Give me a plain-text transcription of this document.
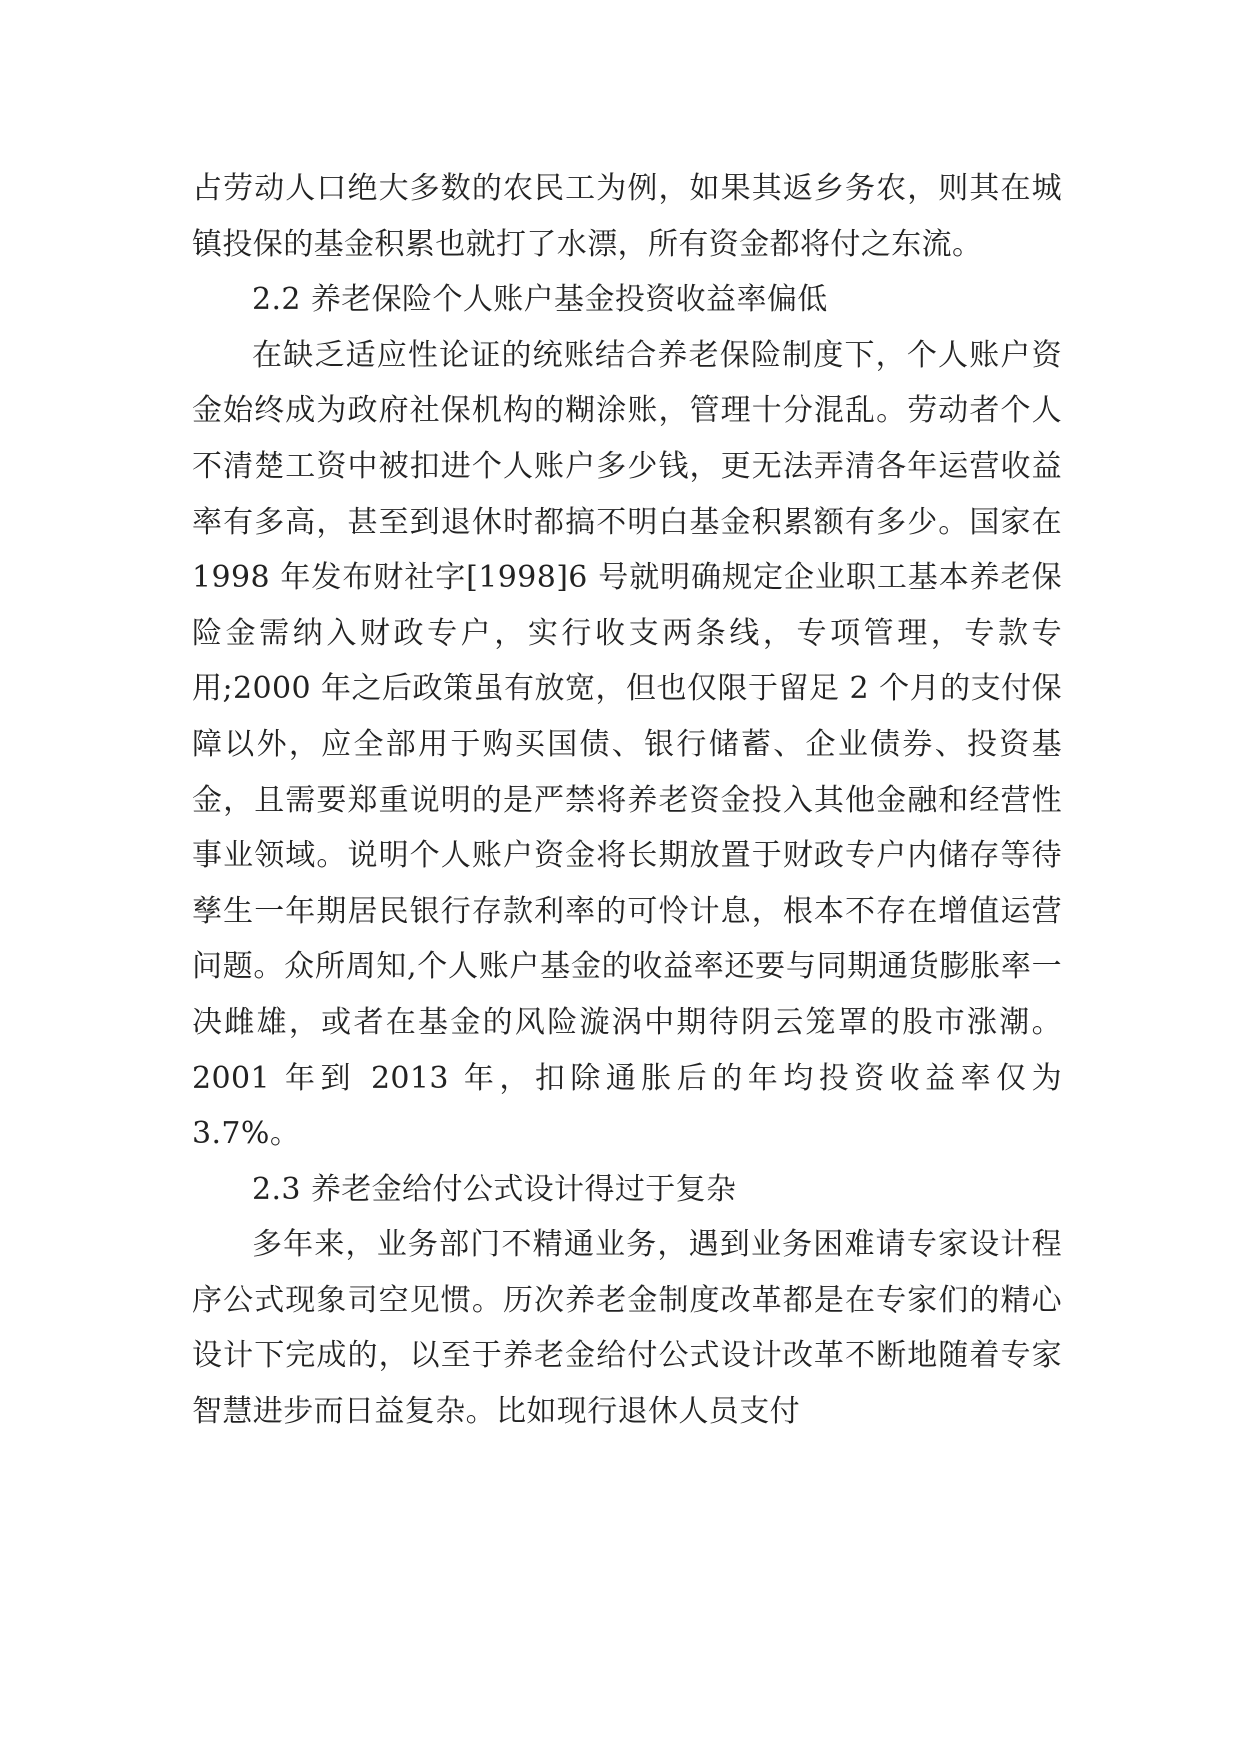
占劳动人口绝大多数的农民工为例，如果其返乡务农，则其在城镇投保的基金积累也就打了水漂，所有资金都将付之东流。

2.2 养老保险个人账户基金投资收益率偏低

在缺乏适应性论证的统账结合养老保险制度下，个人账户资金始终成为政府社保机构的糊涂账，管理十分混乱。劳动者个人不清楚工资中被扣进个人账户多少钱，更无法弄清各年运营收益率有多高，甚至到退休时都搞不明白基金积累额有多少。国家在 1998 年发布财社字[1998]6 号就明确规定企业职工基本养老保险金需纳入财政专户，实行收支两条线，专项管理，专款专用;2000 年之后政策虽有放宽，但也仅限于留足 2 个月的支付保障以外，应全部用于购买国债、银行储蓄、企业债券、投资基金，且需要郑重说明的是严禁将养老资金投入其他金融和经营性事业领域。说明个人账户资金将长期放置于财政专户内储存等待孳生一年期居民银行存款利率的可怜计息，根本不存在增值运营问题。众所周知,个人账户基金的收益率还要与同期通货膨胀率一决雌雄，或者在基金的风险漩涡中期待阴云笼罩的股市涨潮。2001 年到 2013 年，扣除通胀后的年均投资收益率仅为 3.7%。

2.3 养老金给付公式设计得过于复杂

多年来，业务部门不精通业务，遇到业务困难请专家设计程序公式现象司空见惯。历次养老金制度改革都是在专家们的精心设计下完成的，以至于养老金给付公式设计改革不断地随着专家智慧进步而日益复杂。比如现行退休人员支付
